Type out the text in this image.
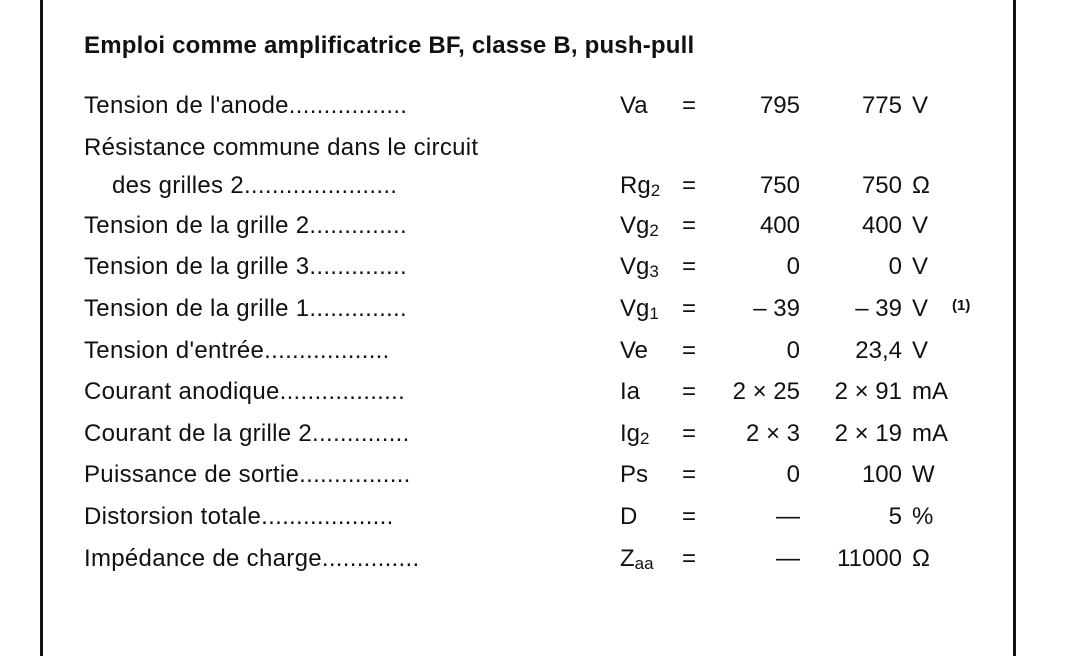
Emploi comme amplificatrice BF, classe B, push-pull
Tension de l'anode.................	Va =	795	775 V
Résistance commune dans le circuit
des grilles 2......................	$Rg_2$ =	750	750 Ω
Tension de la grille 2..............	$Vg_2$ =	400	400 V
Tension de la grille 3..............	$Vg_3$ =	0	0 V
Tension de la grille 1..............	$Vg_1$ =	– 39	– 39 V (1)
Tension d'entrée..................	Ve =	0	23,4 V
Courant anodique..................	Ia =	2 × 25	2 × 91 mA
Courant de la grille 2..............	$Ig_2$ =	2 × 3	2 × 19 mA
Puissance de sortie................	Ps =	0	100 W
Distorsion totale...................	D =	—	5 %
Impédance de charge..............	$Z_{aa}$ =	—	11000 Ω
